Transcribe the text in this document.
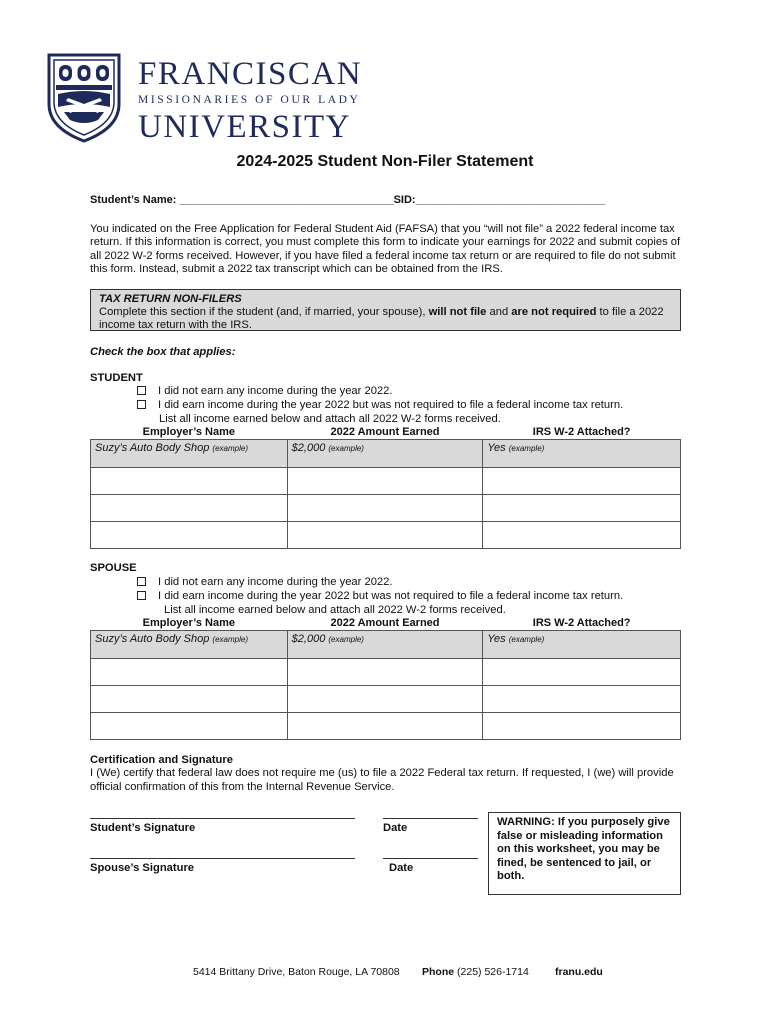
FRANCISCAN
MISSIONARIES OF OUR LADY
UNIVERSITY
2024-2025 Student Non-Filer Statement
Student’s Name: ___________________________________SID:_______________________________
You indicated on the Free Application for Federal Student Aid (FAFSA) that you “will not file” a 2022 federal income tax return. If this information is correct, you must complete this form to indicate your earnings for 2022 and submit copies of all 2022 W-2 forms received. However, if you have filed a federal income tax return or are required to file do not submit this form. Instead, submit a 2022 tax transcript which can be obtained from the IRS.
TAX RETURN NON-FILERS
Complete this section if the student (and, if married, your spouse), will not file and are not required to file a 2022 income tax return with the IRS.
Check the box that applies:
STUDENT
I did not earn any income during the year 2022.
I did earn income during the year 2022 but was not required to file a federal income tax return.
List all income earned below and attach all 2022 W-2 forms received.
Employer’s Name	2022 Amount Earned	IRS W-2 Attached?
Suzy’s Auto Body Shop (example)	$2,000 (example)	Yes (example)

SPOUSE
I did not earn any income during the year 2022.
I did earn income during the year 2022 but was not required to file a federal income tax return.
List all income earned below and attach all 2022 W-2 forms received.
Employer’s Name	2022 Amount Earned	IRS W-2 Attached?
Suzy’s Auto Body Shop (example)	$2,000 (example)	Yes (example)

Certification and Signature
I (We) certify that federal law does not require me (us) to file a 2022 Federal tax return. If requested, I (we) will provide official confirmation of this from the Internal Revenue Service.
Student’s Signature	Date
Spouse’s Signature	Date
WARNING: If you purposely give false or misleading information on this worksheet, you may be fined, be sentenced to jail, or both.
5414 Brittany Drive, Baton Rouge, LA 70808 Phone (225) 526-1714 franu.edu
